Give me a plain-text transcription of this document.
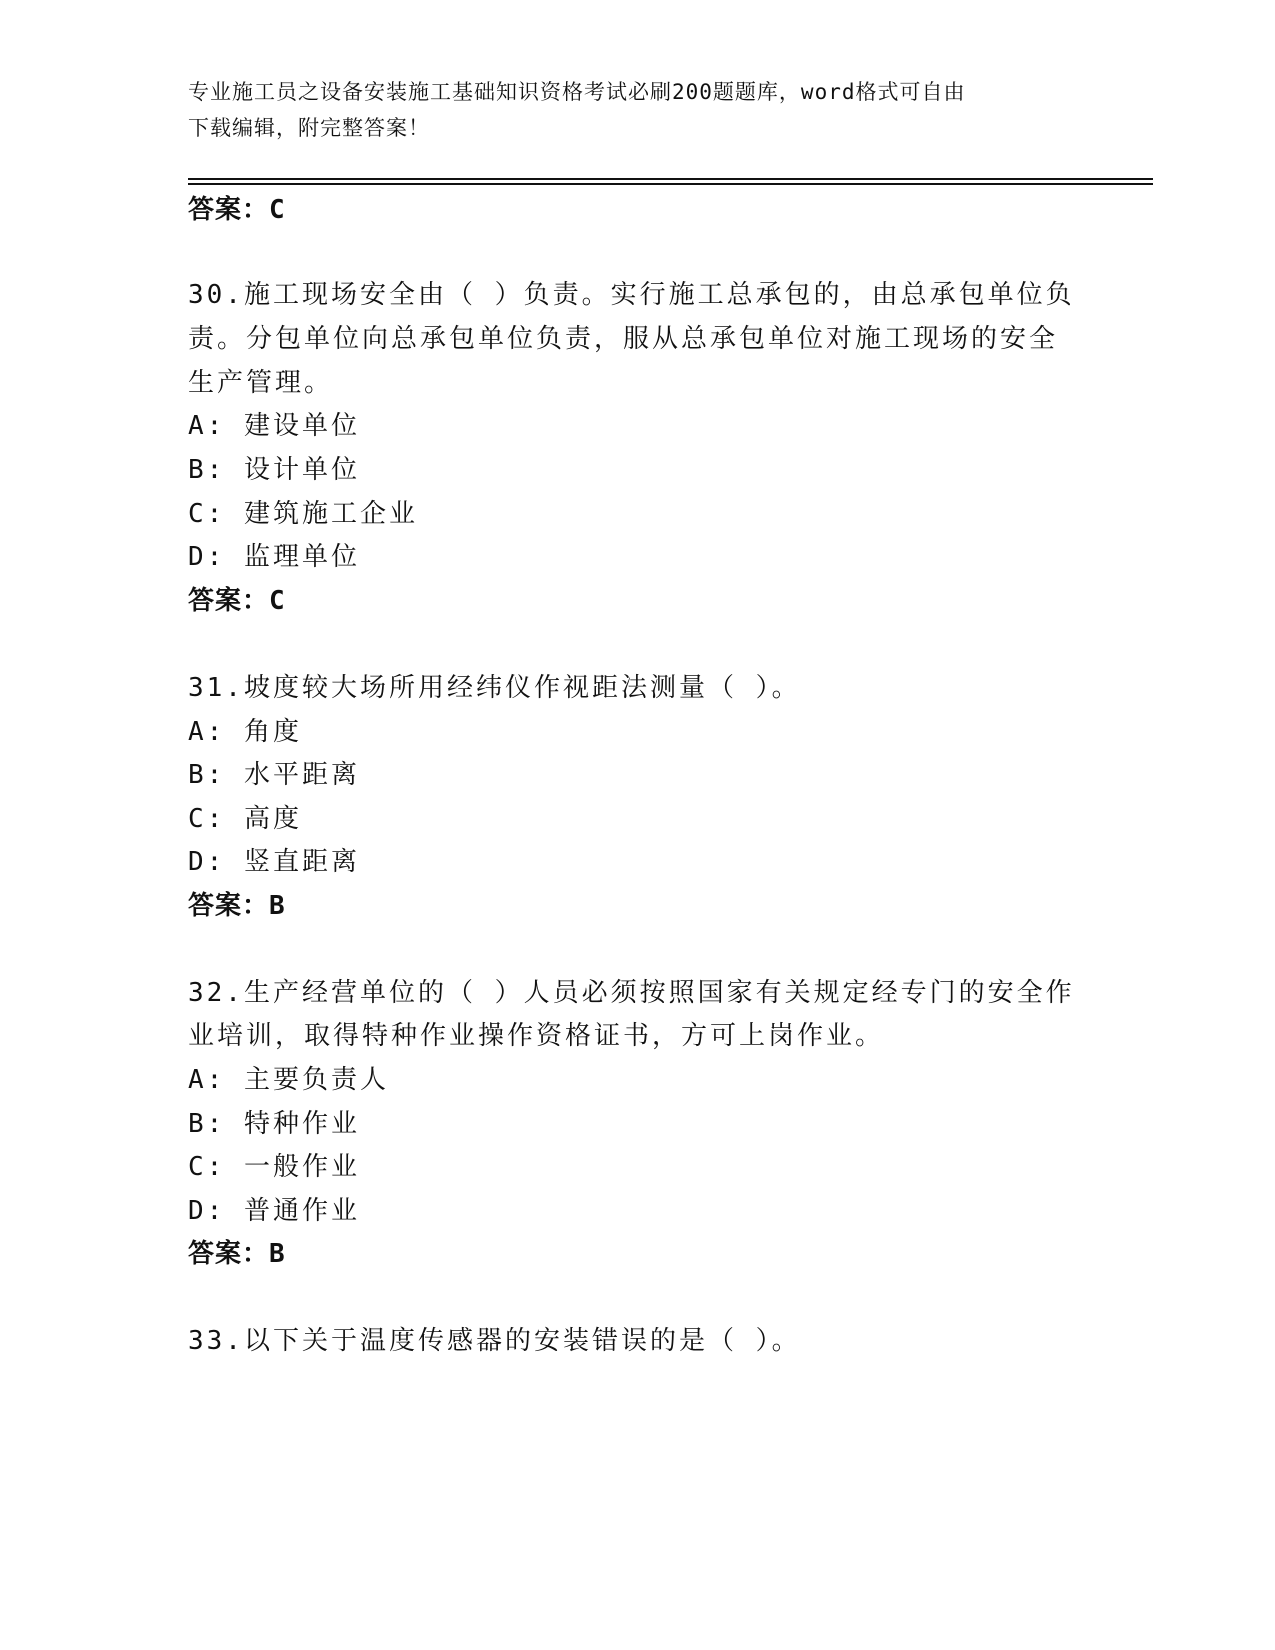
专业施工员之设备安装施工基础知识资格考试必刷200题题库，word格式可自由
下载编辑，附完整答案！
答案：C
30.施工现场安全由（ ）负责。实行施工总承包的，由总承包单位负
责。分包单位向总承包单位负责，服从总承包单位对施工现场的安全
生产管理。
A: 建设单位
B: 设计单位
C: 建筑施工企业
D: 监理单位
答案：C
31.坡度较大场所用经纬仪作视距法测量（ ）。
A: 角度
B: 水平距离
C: 高度
D: 竖直距离
答案：B
32.生产经营单位的（ ）人员必须按照国家有关规定经专门的安全作
业培训，取得特种作业操作资格证书，方可上岗作业。
A: 主要负责人
B: 特种作业
C: 一般作业
D: 普通作业
答案：B
33.以下关于温度传感器的安装错误的是（ ）。
